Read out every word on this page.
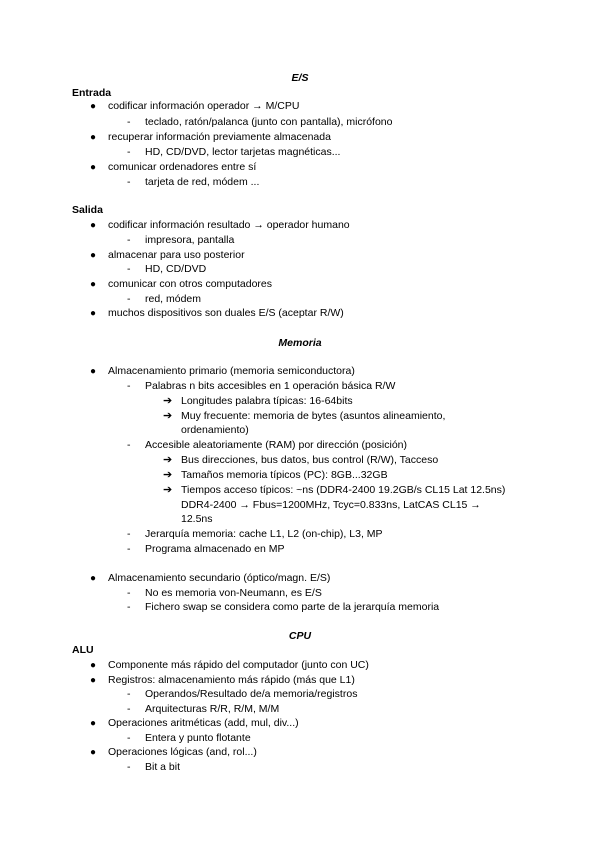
E/S
Entrada
● codificar información operador → M/CPU
- teclado, ratón/palanca (junto con pantalla), micrófono
● recuperar información previamente almacenada
- HD, CD/DVD, lector tarjetas magnéticas...
● comunicar ordenadores entre sí
- tarjeta de red, módem ...
Salida
● codificar información resultado → operador humano
- impresora, pantalla
● almacenar para uso posterior
- HD, CD/DVD
● comunicar con otros computadores
- red, módem
● muchos dispositivos son duales E/S (aceptar R/W)
Memoria
● Almacenamiento primario (memoria semiconductora)
- Palabras n bits accesibles en 1 operación básica R/W
➔ Longitudes palabra típicas: 16-64bits
➔ Muy frecuente: memoria de bytes (asuntos alineamiento,
ordenamiento)
- Accesible aleatoriamente (RAM) por dirección (posición)
➔ Bus direcciones, bus datos, bus control (R/W), Tacceso
➔ Tamaños memoria típicos (PC): 8GB...32GB
➔ Tiempos acceso típicos: ~ns (DDR4-2400 19.2GB/s CL15 Lat 12.5ns)
DDR4-2400 → Fbus=1200MHz, Tcyc=0.833ns, LatCAS CL15 →
12.5ns
- Jerarquía memoria: cache L1, L2 (on-chip), L3, MP
- Programa almacenado en MP
● Almacenamiento secundario (óptico/magn. E/S)
- No es memoria von-Neumann, es E/S
- Fichero swap se considera como parte de la jerarquía memoria
CPU
ALU
● Componente más rápido del computador (junto con UC)
● Registros: almacenamiento más rápido (más que L1)
- Operandos/Resultado de/a memoria/registros
- Arquitecturas R/R, R/M, M/M
● Operaciones aritméticas (add, mul, div...)
- Entera y punto flotante
● Operaciones lógicas (and, rol...)
- Bit a bit
